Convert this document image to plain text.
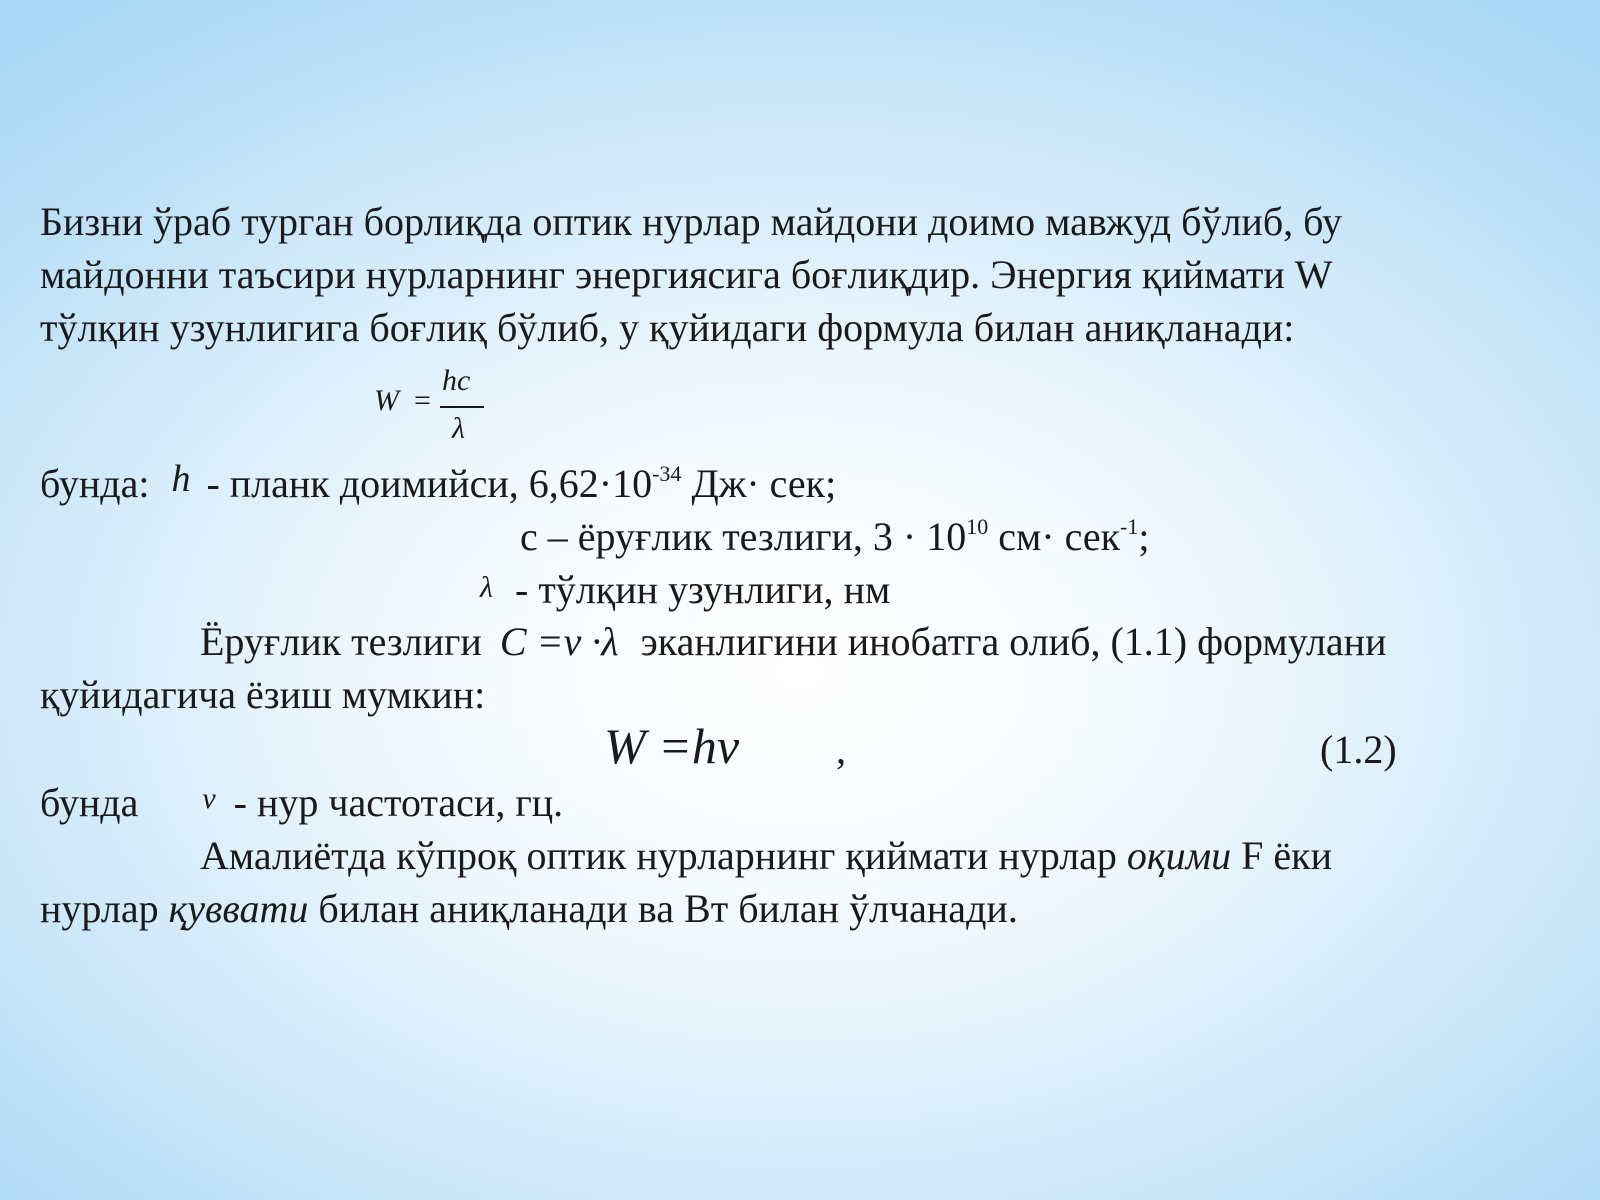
Бизни ўраб турган борлиқда оптик нурлар майдони доимо мавжуд бўлиб, бу
майдонни таъсири нурларнинг энергиясига боғлиқдир. Энергия қиймати W
тўлқин узунлигига боғлиқ бўлиб, у қуйидаги формула билан аниқланади:
W =
hc
λ
бунда: h - планк доимийси, $6,62\cdot 10^{-34}$ Дж· сек;
с – ёруғлик тезлиги, $3 \cdot 10^{10}$ см· сек$^{-1}$;
λ - тўлқин узунлиги, нм
Ёруғлик тезлиги C =ν ·λ эканлигини инобатга олиб, (1.1) формулани
қуйидагича ёзиш мумкин:
W =hν ,	(1.2)
бунда $^\nu$ - нур частотаси, гц.
Амалиётда кўпроқ оптик нурларнинг қиймати нурлар оқими F ёки
нурлар қуввати билан аниқланади ва Вт билан ўлчанади.
